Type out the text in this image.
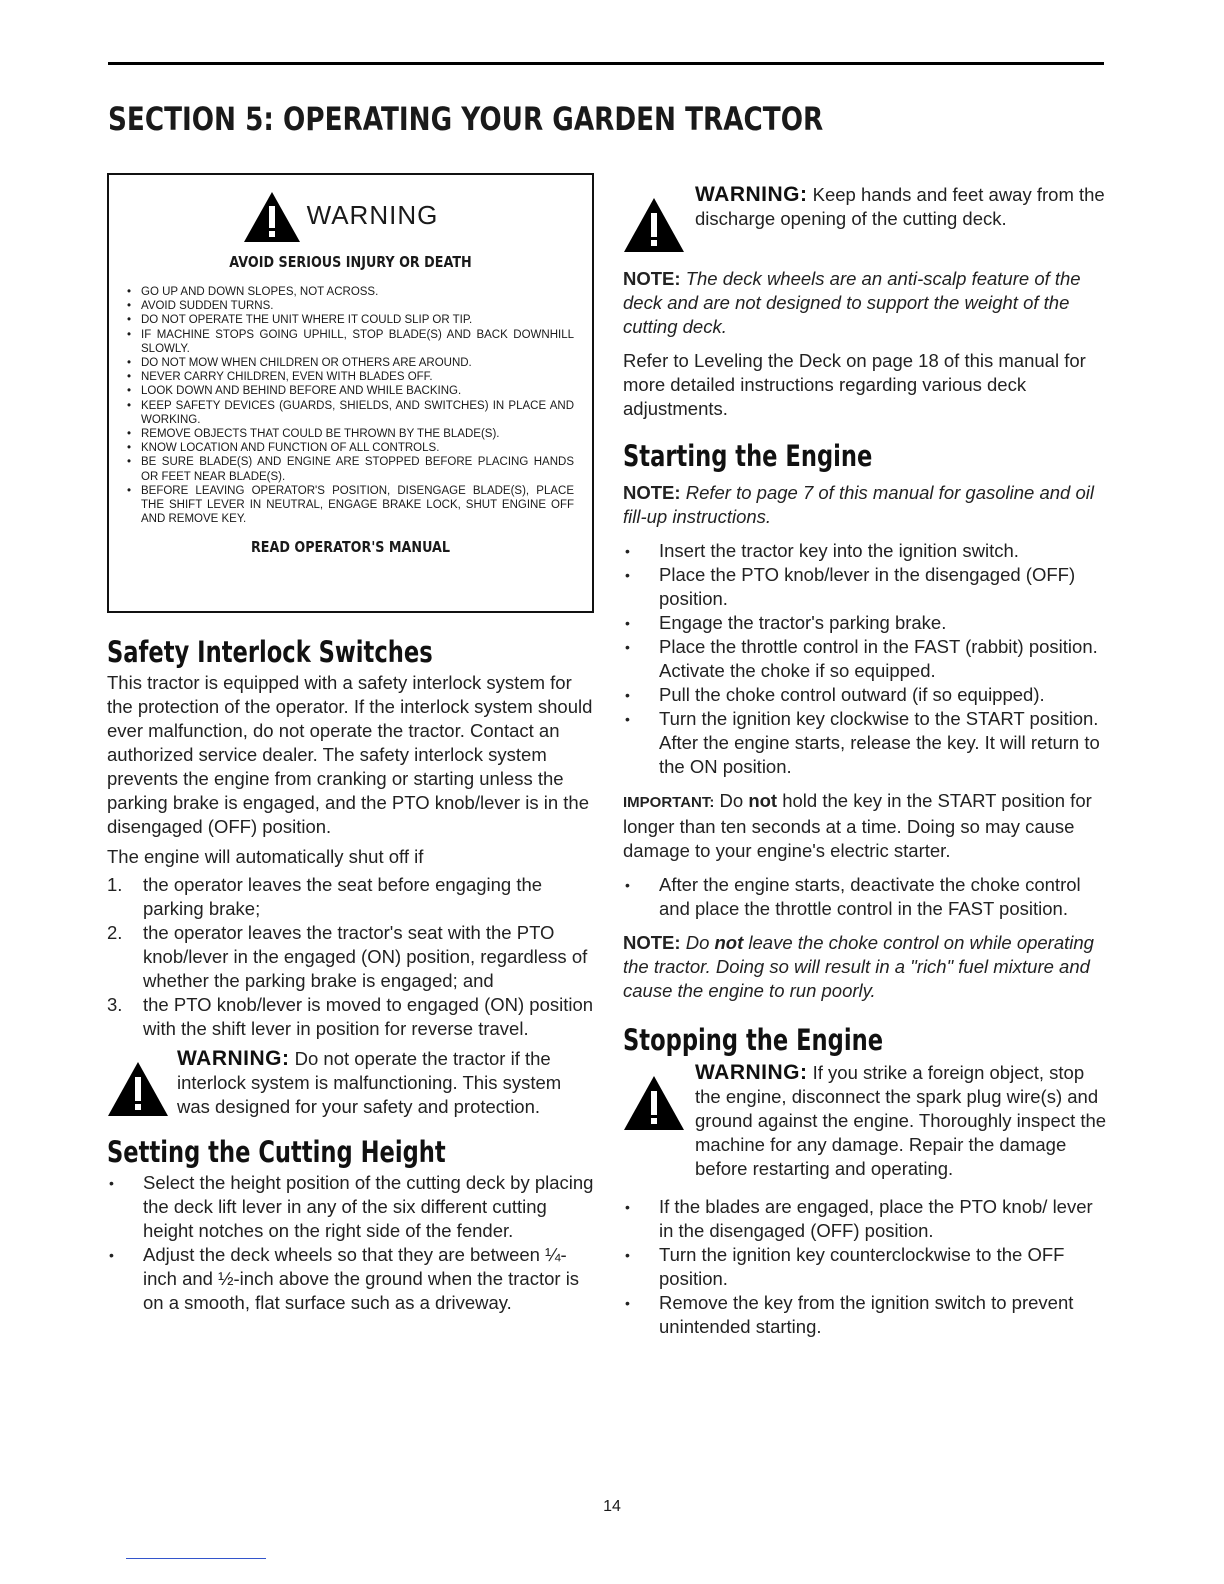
SECTION 5: OPERATING YOUR GARDEN TRACTOR
WARNING
AVOID SERIOUS INJURY OR DEATH
• GO UP AND DOWN SLOPES, NOT ACROSS.
• AVOID SUDDEN TURNS.
• DO NOT OPERATE THE UNIT WHERE IT COULD SLIP OR TIP.
• IF MACHINE STOPS GOING UPHILL, STOP BLADE(S) AND BACK DOWNHILL SLOWLY.
• DO NOT MOW WHEN CHILDREN OR OTHERS ARE AROUND.
• NEVER CARRY CHILDREN, EVEN WITH BLADES OFF.
• LOOK DOWN AND BEHIND BEFORE AND WHILE BACKING.
• KEEP SAFETY DEVICES (GUARDS, SHIELDS, AND SWITCHES) IN PLACE AND WORKING.
• REMOVE OBJECTS THAT COULD BE THROWN BY THE BLADE(S).
• KNOW LOCATION AND FUNCTION OF ALL CONTROLS.
• BE SURE BLADE(S) AND ENGINE ARE STOPPED BEFORE PLACING HANDS OR FEET NEAR BLADE(S).
• BEFORE LEAVING OPERATOR'S POSITION, DISENGAGE BLADE(S), PLACE THE SHIFT LEVER IN NEUTRAL, ENGAGE BRAKE LOCK, SHUT ENGINE OFF AND REMOVE KEY.
READ OPERATOR'S MANUAL
Safety Interlock Switches

This tractor is equipped with a safety interlock system for the protection of the operator. If the interlock system should ever malfunction, do not operate the tractor. Contact an authorized service dealer. The safety interlock system prevents the engine from cranking or starting unless the parking brake is engaged, and the PTO knob/lever is in the disengaged (OFF) position.

The engine will automatically shut off if

1. the operator leaves the seat before engaging the parking brake;
2. the operator leaves the tractor's seat with the PTO knob/lever in the engaged (ON) position, regardless of whether the parking brake is engaged; and
3. the PTO knob/lever is moved to engaged (ON) position with the shift lever in position for reverse travel.
WARNING: Do not operate the tractor if the interlock system is malfunctioning. This system was designed for your safety and protection.
Setting the Cutting Height
• Select the height position of the cutting deck by placing the deck lift lever in any of the six different cutting height notches on the right side of the fender.
• Adjust the deck wheels so that they are between ¼-inch and ½-inch above the ground when the tractor is on a smooth, flat surface such as a driveway.
WARNING: Keep hands and feet away from the discharge opening of the cutting deck.

NOTE: The deck wheels are an anti-scalp feature of the deck and are not designed to support the weight of the cutting deck.

Refer to Leveling the Deck on page 18 of this manual for more detailed instructions regarding various deck adjustments.

Starting the Engine

NOTE: Refer to page 7 of this manual for gasoline and oil fill-up instructions.

• Insert the tractor key into the ignition switch.
• Place the PTO knob/lever in the disengaged (OFF) position.
• Engage the tractor's parking brake.
• Place the throttle control in the FAST (rabbit) position. Activate the choke if so equipped.
• Pull the choke control outward (if so equipped).
• Turn the ignition key clockwise to the START position. After the engine starts, release the key. It will return to the ON position.

IMPORTANT: Do not hold the key in the START position for longer than ten seconds at a time. Doing so may cause damage to your engine's electric starter.

• After the engine starts, deactivate the choke control and place the throttle control in the FAST position.

NOTE: Do not leave the choke control on while operating the tractor. Doing so will result in a "rich" fuel mixture and cause the engine to run poorly.

Stopping the Engine
WARNING: If you strike a foreign object, stop the engine, disconnect the spark plug wire(s) and ground against the engine. Thoroughly inspect the machine for any damage. Repair the damage before restarting and operating.
• If the blades are engaged, place the PTO knob/ lever in the disengaged (OFF) position.
• Turn the ignition key counterclockwise to the OFF position.
• Remove the key from the ignition switch to prevent unintended starting.
14
